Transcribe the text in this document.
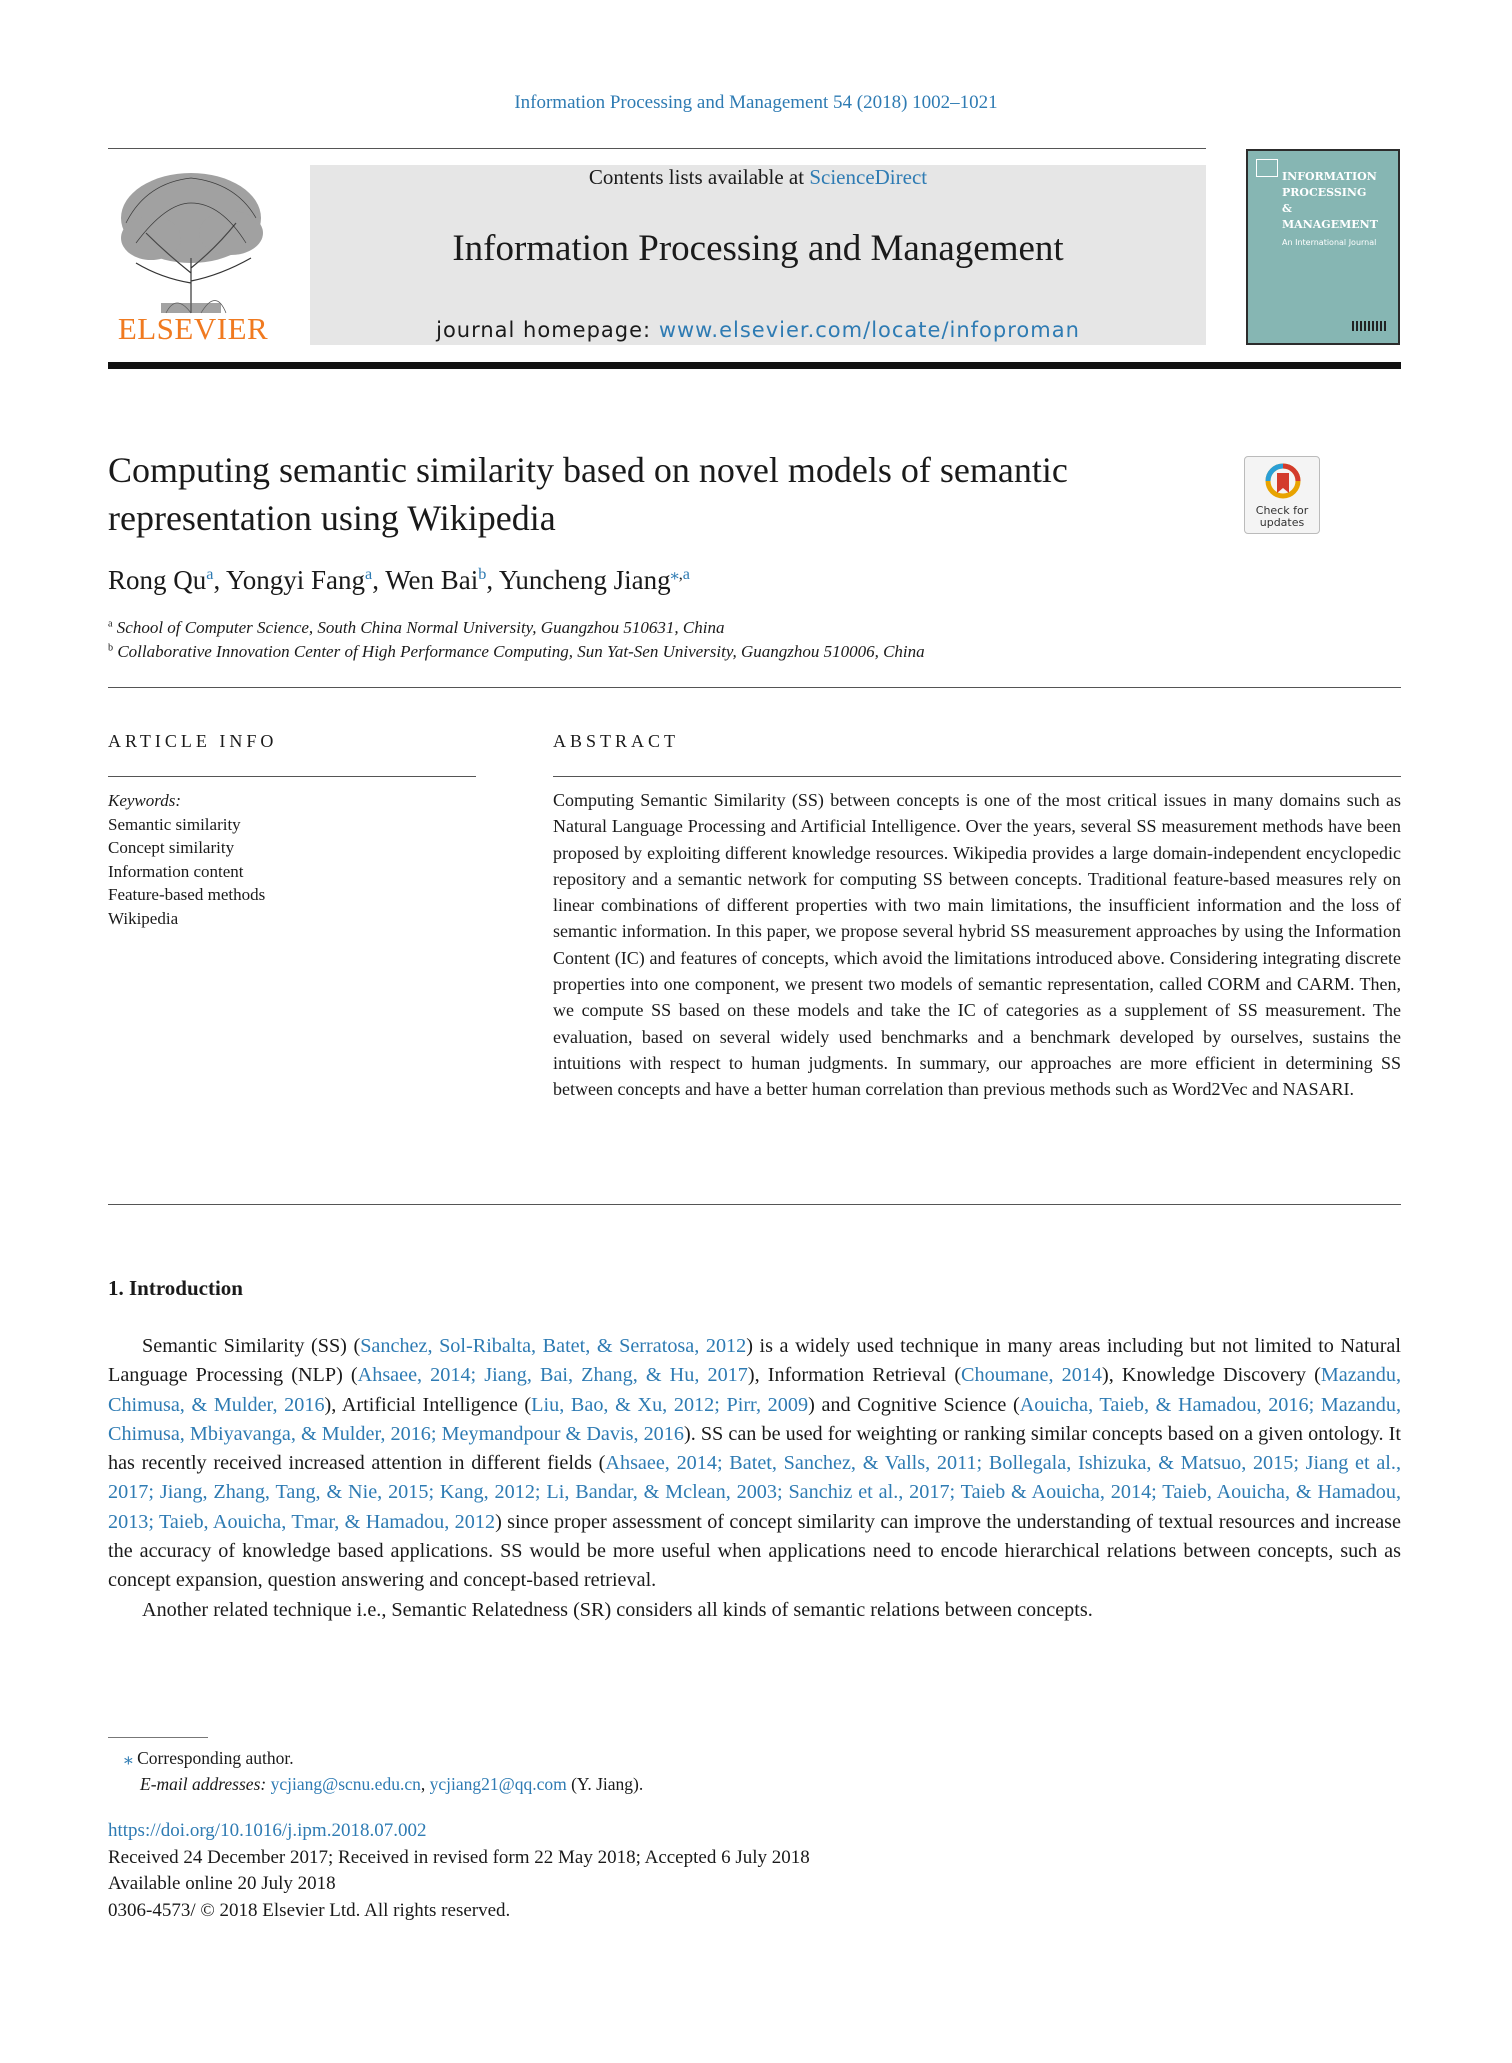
Information Processing and Management 54 (2018) 1002–1021
ELSEVIER
Contents lists available at ScienceDirect
Information Processing and Management
journal homepage: www.elsevier.com/locate/infoproman
INFORMATION
PROCESSING
&
MANAGEMENT
An International Journal
Computing semantic similarity based on novel models of semantic
representation using Wikipedia	Check for
updates
Rong Qu$^a$, Yongyi Fang$^a$, Wen Bai$^b$, Yuncheng Jiang$^{⁎,a}$
$^a$ School of Computer Science, South China Normal University, Guangzhou 510631, China
$^b$ Collaborative Innovation Center of High Performance Computing, Sun Yat-Sen University, Guangzhou 510006, China
ARTICLE INFO
Keywords:
Semantic similarity
Concept similarity
Information content
Feature-based methods
Wikipedia
ABSTRACT
Computing Semantic Similarity (SS) between concepts is one of the most critical issues in many domains such as Natural Language Processing and Artificial Intelligence. Over the years, several SS measurement methods have been proposed by exploiting different knowledge resources. Wikipedia provides a large domain-independent encyclopedic repository and a semantic network for computing SS between concepts. Traditional feature-based measures rely on linear combinations of different properties with two main limitations, the insufficient information and the loss of semantic information. In this paper, we propose several hybrid SS measurement approaches by using the Information Content (IC) and features of concepts, which avoid the limitations introduced above. Considering integrating discrete properties into one component, we present two models of semantic representation, called CORM and CARM. Then, we compute SS based on these models and take the IC of categories as a supplement of SS measurement. The evaluation, based on several widely used benchmarks and a benchmark developed by ourselves, sustains the intuitions with respect to human judgments. In summary, our approaches are more efficient in determining SS between concepts and have a better human correlation than previous methods such as Word2Vec and NASARI.
1. Introduction

Semantic Similarity (SS) (Sanchez, Sol-Ribalta, Batet, & Serratosa, 2012) is a widely used technique in many areas including but not limited to Natural Language Processing (NLP) (Ahsaee, 2014; Jiang, Bai, Zhang, & Hu, 2017), Information Retrieval (Choumane, 2014), Knowledge Discovery (Mazandu, Chimusa, & Mulder, 2016), Artificial Intelligence (Liu, Bao, & Xu, 2012; Pirr, 2009) and Cognitive Science (Aouicha, Taieb, & Hamadou, 2016; Mazandu, Chimusa, Mbiyavanga, & Mulder, 2016; Meymandpour & Davis, 2016). SS can be used for weighting or ranking similar concepts based on a given ontology. It has recently received increased attention in different fields (Ahsaee, 2014; Batet, Sanchez, & Valls, 2011; Bollegala, Ishizuka, & Matsuo, 2015; Jiang et al., 2017; Jiang, Zhang, Tang, & Nie, 2015; Kang, 2012; Li, Bandar, & Mclean, 2003; Sanchiz et al., 2017; Taieb & Aouicha, 2014; Taieb, Aouicha, & Hamadou, 2013; Taieb, Aouicha, Tmar, & Hamadou, 2012) since proper assessment of concept similarity can improve the understanding of textual resources and increase the accuracy of knowledge based applications. SS would be more useful when applications need to encode hierarchical relations between concepts, such as concept expansion, question answering and concept-based retrieval.

Another related technique i.e., Semantic Relatedness (SR) considers all kinds of semantic relations between concepts.

⁎ Corresponding author.
E-mail addresses: ycjiang@scnu.edu.cn, ycjiang21@qq.com (Y. Jiang).
https://doi.org/10.1016/j.ipm.2018.07.002
Received 24 December 2017; Received in revised form 22 May 2018; Accepted 6 July 2018
Available online 20 July 2018
0306-4573/ © 2018 Elsevier Ltd. All rights reserved.
